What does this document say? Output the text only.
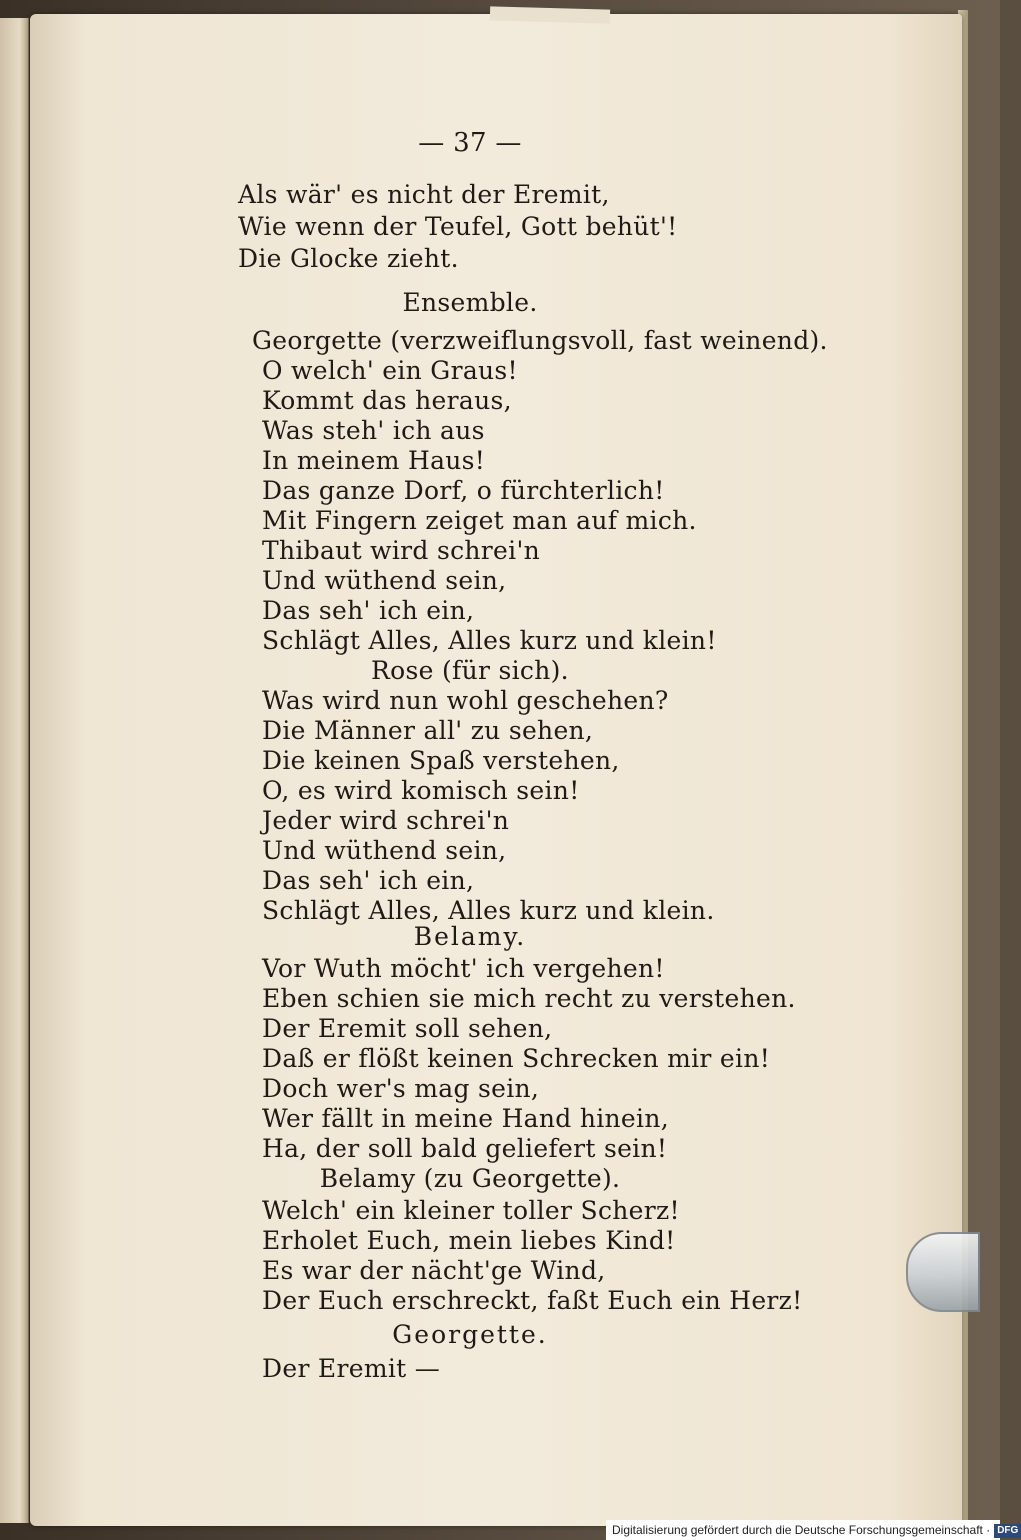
— 37 —
Als wär' es nicht der Eremit,
Wie wenn der Teufel, Gott behüt'!
Die Glocke zieht.
Ensemble.
Georgette (verzweiflungsvoll, fast weinend).
O welch' ein Graus!
Kommt das heraus,
Was steh' ich aus
In meinem Haus!
Das ganze Dorf, o fürchterlich!
Mit Fingern zeiget man auf mich.
Thibaut wird schrei'n
Und wüthend sein,
Das seh' ich ein,
Schlägt Alles, Alles kurz und klein!
Rose (für sich).
Was wird nun wohl geschehen?
Die Männer all' zu sehen,
Die keinen Spaß verstehen,
O, es wird komisch sein!
Jeder wird schrei'n
Und wüthend sein,
Das seh' ich ein,
Schlägt Alles, Alles kurz und klein.
Belamy.
Vor Wuth möcht' ich vergehen!
Eben schien sie mich recht zu verstehen.
Der Eremit soll sehen,
Daß er flößt keinen Schrecken mir ein!
Doch wer's mag sein,
Wer fällt in meine Hand hinein,
Ha, der soll bald geliefert sein!
Belamy (zu Georgette).
Welch' ein kleiner toller Scherz!
Erholet Euch, mein liebes Kind!
Es war der nächt'ge Wind,
Der Euch erschreckt, faßt Euch ein Herz!
Georgette.
Der Eremit —
Digitalisierung gefördert durch die Deutsche Forschungsgemeinschaft · DFG
